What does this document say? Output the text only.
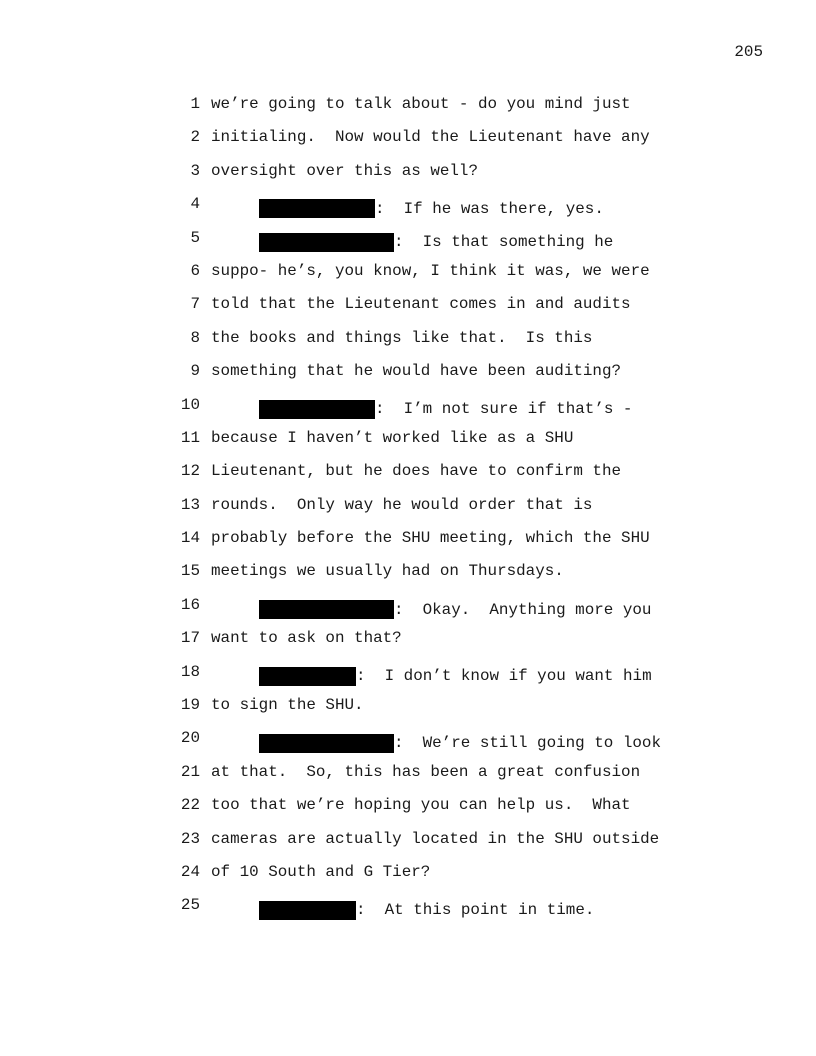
205
1 we’re going to talk about - do you mind just
2 initialing.  Now would the Lieutenant have any
3 oversight over this as well?
4	:  If he was there, yes.
5	:  Is that something he
6 suppo- he’s, you know, I think it was, we were
7 told that the Lieutenant comes in and audits
8 the books and things like that.  Is this
9 something that he would have been auditing?
10	:  I’m not sure if that’s -
11 because I haven’t worked like as a SHU
12 Lieutenant, but he does have to confirm the
13 rounds.  Only way he would order that is
14 probably before the SHU meeting, which the SHU
15 meetings we usually had on Thursdays.
16	:  Okay.  Anything more you
17 want to ask on that?
18	:  I don’t know if you want him
19 to sign the SHU.
20	:  We’re still going to look
21 at that.  So, this has been a great confusion
22 too that we’re hoping you can help us.  What
23 cameras are actually located in the SHU outside
24 of 10 South and G Tier?
25	:  At this point in time.
